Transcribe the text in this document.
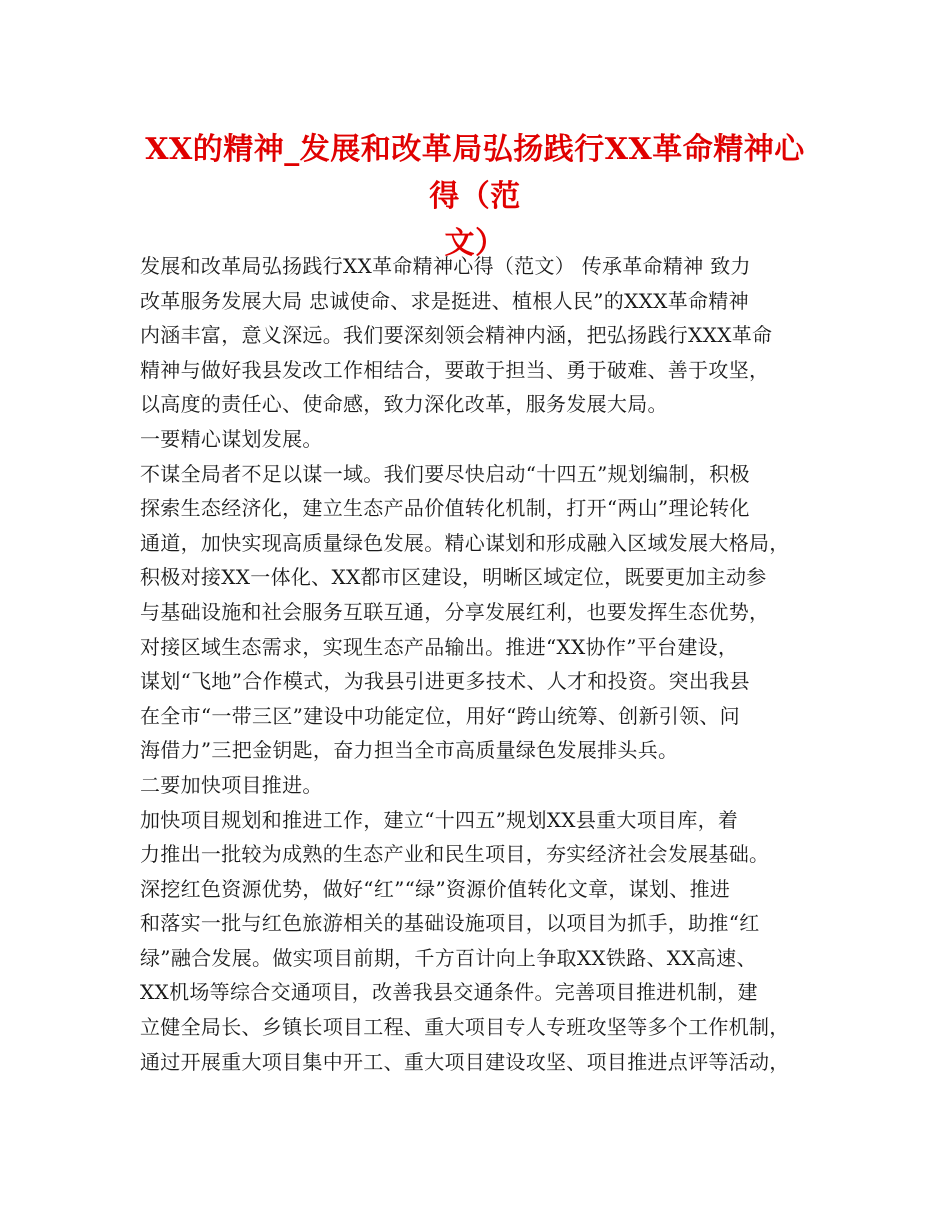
XX的精神_发展和改革局弘扬践行XX革命精神心得（范
文）
发展和改革局弘扬践行XX革命精神心得（范文） 传承革命精神 致力
改革服务发展大局 忠诚使命、求是挺进、植根人民”的XXX革命精神
内涵丰富，意义深远。我们要深刻领会精神内涵，把弘扬践行XXX革命
精神与做好我县发改工作相结合，要敢于担当、勇于破难、善于攻坚，
以高度的责任心、使命感，致力深化改革，服务发展大局。
一要精心谋划发展。
不谋全局者不足以谋一域。我们要尽快启动“十四五”规划编制，积极
探索生态经济化，建立生态产品价值转化机制，打开“两山”理论转化
通道，加快实现高质量绿色发展。精心谋划和形成融入区域发展大格局，
积极对接XX一体化、XX都市区建设，明晰区域定位，既要更加主动参
与基础设施和社会服务互联互通，分享发展红利，也要发挥生态优势，
对接区域生态需求，实现生态产品输出。推进“XX协作”平台建设，
谋划“飞地”合作模式，为我县引进更多技术、人才和投资。突出我县
在全市“一带三区”建设中功能定位，用好“跨山统筹、创新引领、问
海借力”三把金钥匙，奋力担当全市高质量绿色发展排头兵。
二要加快项目推进。
加快项目规划和推进工作，建立“十四五”规划XX县重大项目库，着
力推出一批较为成熟的生态产业和民生项目，夯实经济社会发展基础。
深挖红色资源优势，做好“红”“绿”资源价值转化文章，谋划、推进
和落实一批与红色旅游相关的基础设施项目，以项目为抓手，助推“红
绿”融合发展。做实项目前期，千方百计向上争取XX铁路、XX高速、
XX机场等综合交通项目，改善我县交通条件。完善项目推进机制，建
立健全局长、乡镇长项目工程、重大项目专人专班攻坚等多个工作机制，
通过开展重大项目集中开工、重大项目建设攻坚、项目推进点评等活动，
